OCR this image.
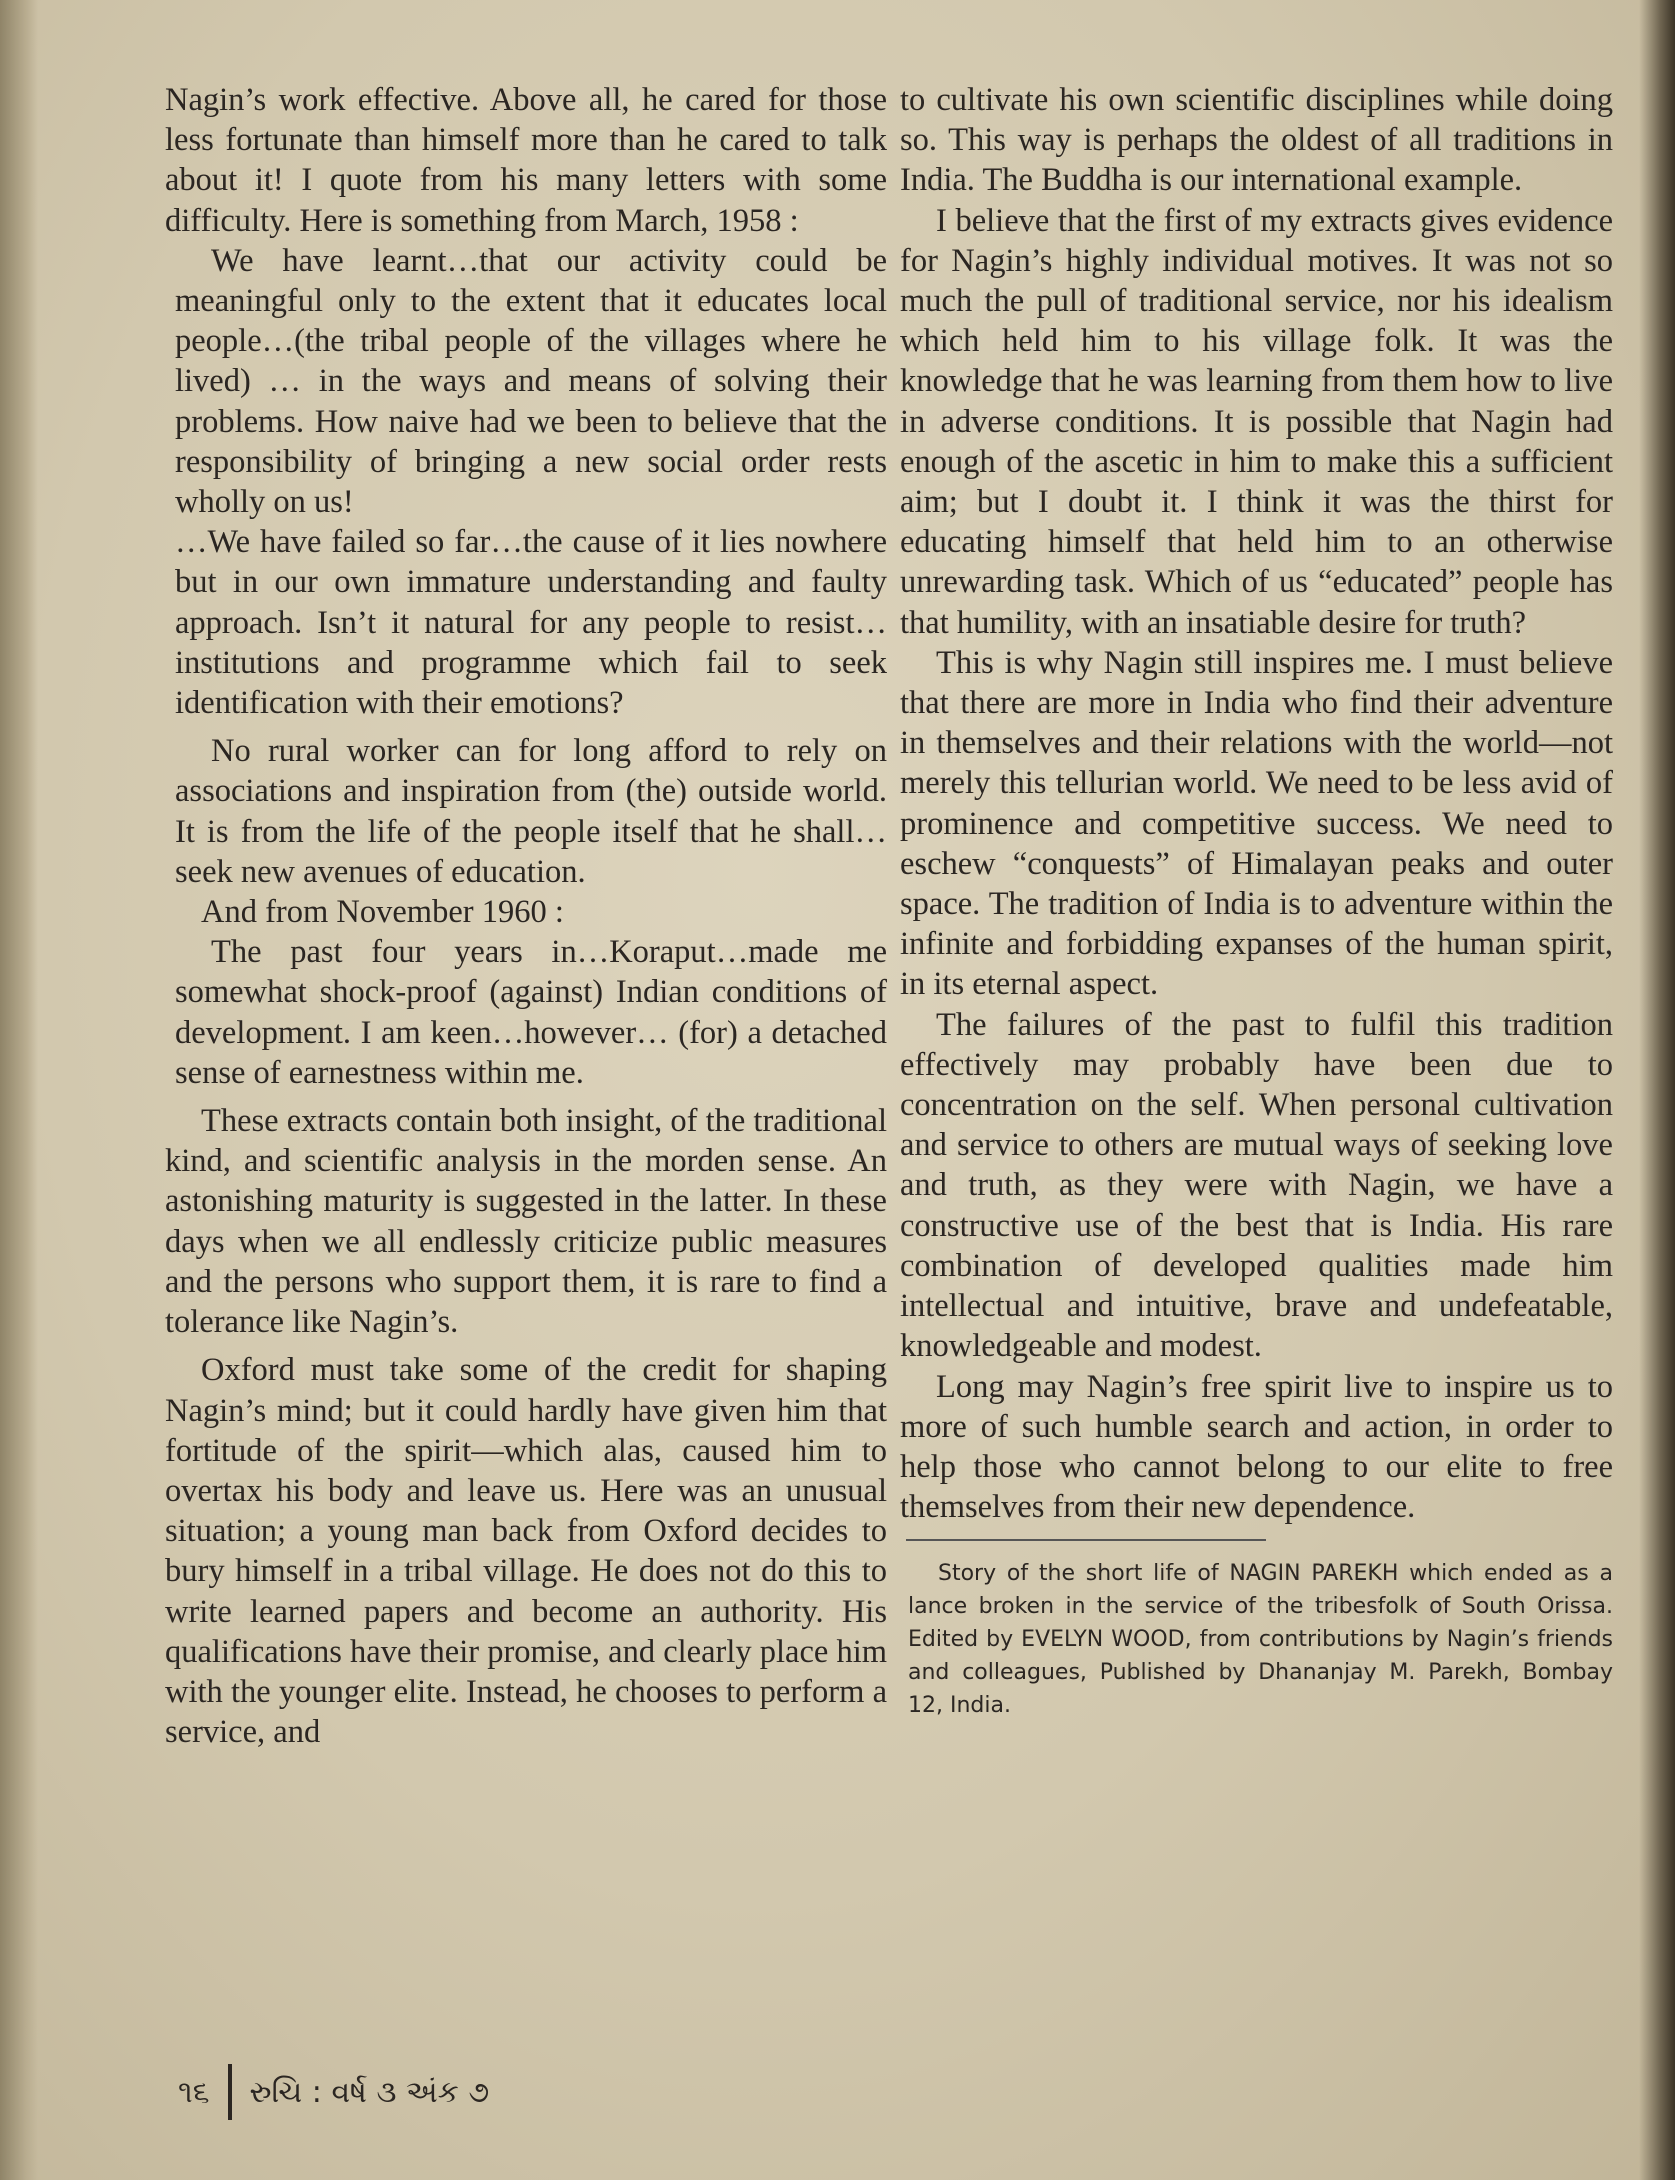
Nagin’s work effective. Above all, he cared for those less fortunate than himself more than he cared to talk about it! I quote from his many letters with some difficulty. Here is something from March, 1958 :

We have learnt…that our activity could be meaningful only to the extent that it educates local people…(the tribal people of the villages where he lived) … in the ways and means of solving their problems. How naive had we been to believe that the responsibility of bringing a new social order rests wholly on us!

…We have failed so far…the cause of it lies nowhere but in our own immature understanding and faulty approach. Isn’t it natural for any people to resist…institutions and programme which fail to seek identification with their emotions?

No rural worker can for long afford to rely on associations and inspiration from (the) outside world. It is from the life of the people itself that he shall…seek new avenues of education.

And from November 1960 :

The past four years in…Koraput…made me somewhat shock-proof (against) Indian conditions of development. I am keen…however… (for) a detached sense of earnestness within me.

These extracts contain both insight, of the traditional kind, and scientific analysis in the morden sense. An astonishing maturity is suggested in the latter. In these days when we all endlessly criticize public measures and the persons who support them, it is rare to find a tolerance like Nagin’s.

Oxford must take some of the credit for shaping Nagin’s mind; but it could hardly have given him that fortitude of the spirit—which alas, caused him to overtax his body and leave us. Here was an unusual situation; a young man back from Oxford decides to bury himself in a tribal village. He does not do this to write learned papers and become an authority. His qualifications have their promise, and clearly place him with the younger elite. Instead, he chooses to perform a service, and

to cultivate his own scientific disciplines while doing so. This way is perhaps the oldest of all traditions in India. The Buddha is our international example.

I believe that the first of my extracts gives evidence for Nagin’s highly individual motives. It was not so much the pull of traditional service, nor his idealism which held him to his village folk. It was the knowledge that he was learning from them how to live in adverse conditions. It is possible that Nagin had enough of the ascetic in him to make this a sufficient aim; but I doubt it. I think it was the thirst for educating himself that held him to an otherwise unrewarding task. Which of us “educated” people has that humility, with an insatiable desire for truth?

This is why Nagin still inspires me. I must believe that there are more in India who find their adventure in themselves and their relations with the world—not merely this tellurian world. We need to be less avid of prominence and competitive success. We need to eschew “conquests” of Himalayan peaks and outer space. The tradition of India is to adventure within the infinite and forbidding expanses of the human spirit, in its eternal aspect.

The failures of the past to fulfil this tradition effectively may probably have been due to concentration on the self. When personal cultivation and service to others are mutual ways of seeking love and truth, as they were with Nagin, we have a constructive use of the best that is India. His rare combination of developed qualities made him intellectual and intuitive, brave and undefeatable, knowledgeable and modest.

Long may Nagin’s free spirit live to inspire us to more of such humble search and action, in order to help those who cannot belong to our elite to free themselves from their new dependence.

Story of the short life of NAGIN PAREKH which ended as a lance broken in the service of the tribesfolk of South Orissa. Edited by EVELYN WOOD, from contributions by Nagin’s friends and colleagues, Published by Dhananjay M. Parekh, Bombay 12, India.

૧૬ રુચિ : વર્ષ ૩ અંક ૭
